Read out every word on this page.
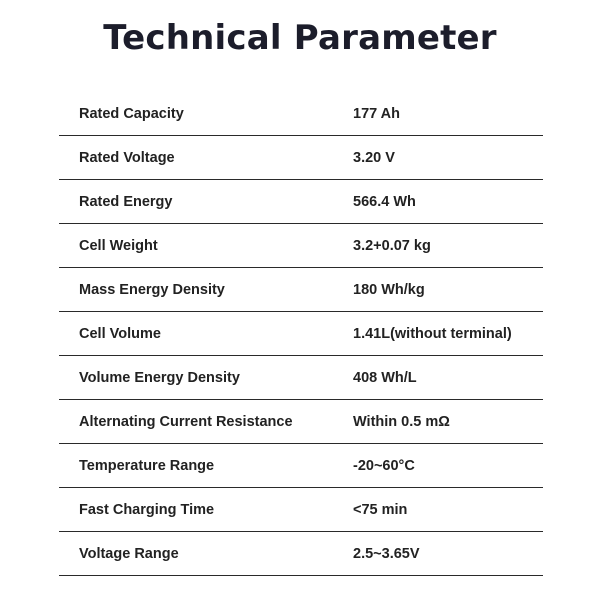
Technical Parameter
Rated Capacity	177 Ah
Rated Voltage	3.20 V
Rated Energy	566.4 Wh
Cell Weight	3.2+0.07 kg
Mass Energy Density	180 Wh/kg
Cell Volume	1.41L(without terminal)
Volume Energy Density	408 Wh/L
Alternating Current Resistance	Within 0.5 mΩ
Temperature Range	-20~60°C
Fast Charging Time	<75 min
Voltage Range	2.5~3.65V
